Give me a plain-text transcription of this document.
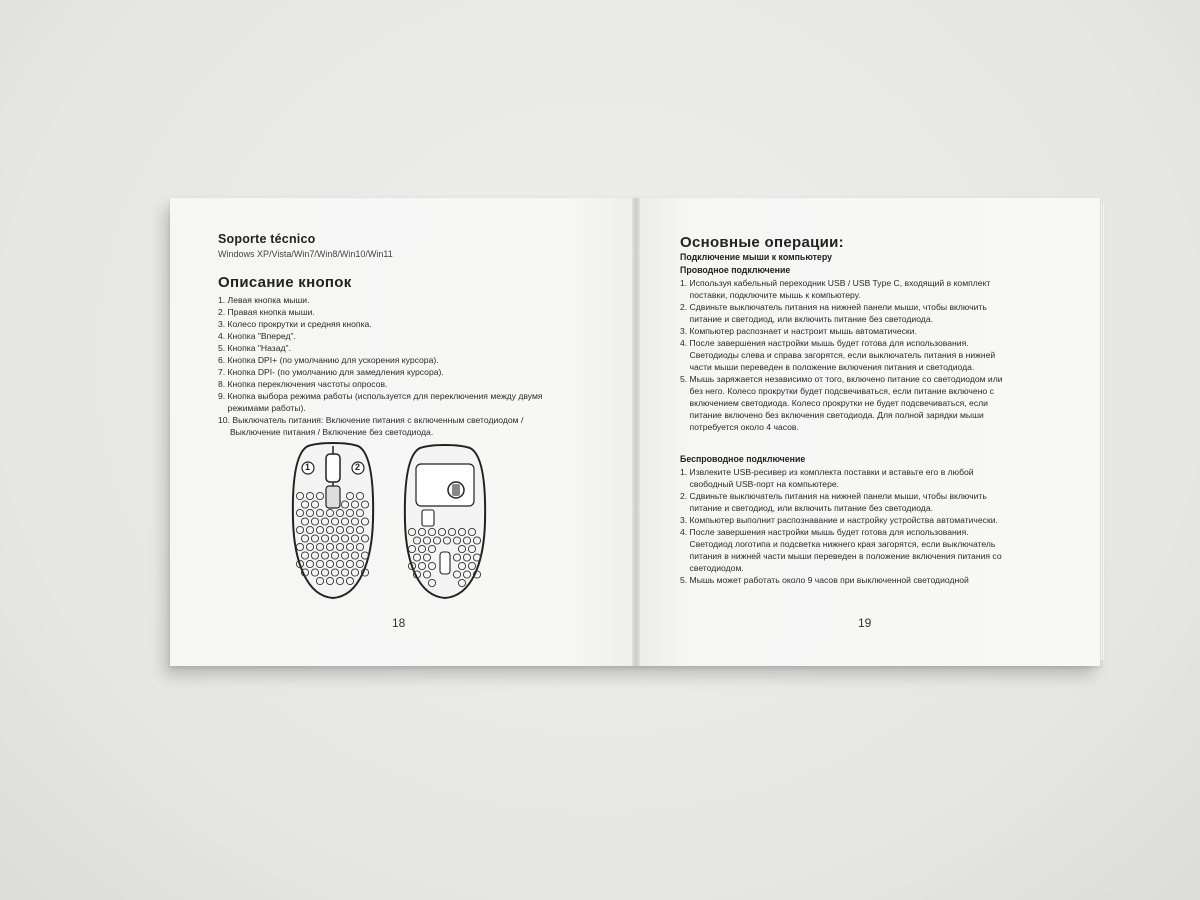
Soporte técnico
Windows XP/Vista/Win7/Win8/Win10/Win11
Описание кнопок
1. Левая кнопка мыши.
2. Правая кнопка мыши.
3. Колесо прокрутки и средняя кнопка.
4. Кнопка "Вперед".
5. Кнопка "Назад".
6. Кнопка DPI+ (по умолчанию для ускорения курсора).
7. Кнопка DPI- (по умолчанию для замедления курсора).
8. Кнопка переключения частоты опросов.
9. Кнопка выбора режима работы (используется для переключения между двумя
режимами работы).
10. Выключатель питания: Включение питания с включенным светодиодом /
Выключение питания / Включение без светодиода.
1	2
18
Основные операции:
Подключение мыши к компьютеру
Проводное подключение
1. Используя кабельный переходник USB / USB Type C, входящий в комплект
поставки, подключите мышь к компьютеру.
2. Сдвиньте выключатель питания на нижней панели мыши, чтобы включить
питание и светодиод, или включить питание без светодиода.
3. Компьютер распознает и настроит мышь автоматически.
4. После завершения настройки мышь будет готова для использования.
Светодиоды слева и справа загорятся, если выключатель питания в нижней
части мыши переведен в положение включения питания и светодиода.
5. Мышь заряжается независимо от того, включено питание со светодиодом или
без него. Колесо прокрутки будет подсвечиваться, если питание включено с
включением светодиода. Колесо прокрутки не будет подсвечиваться, если
питание включено без включения светодиода. Для полной зарядки мыши
потребуется около 4 часов.
Беспроводное подключение
1. Извлеките USB-ресивер из комплекта поставки и вставьте его в любой
свободный USB-порт на компьютере.
2. Сдвиньте выключатель питания на нижней панели мыши, чтобы включить
питание и светодиод, или включить питание без светодиода.
3. Компьютер выполнит распознавание и настройку устройства автоматически.
4. После завершения настройки мышь будет готова для использования.
Светодиод логотипа и подсветка нижнего края загорятся, если выключатель
питания в нижней части мыши переведен в положение включения питания со
светодиодом.
5. Мышь может работать около 9 часов при выключенной светодиодной
19
